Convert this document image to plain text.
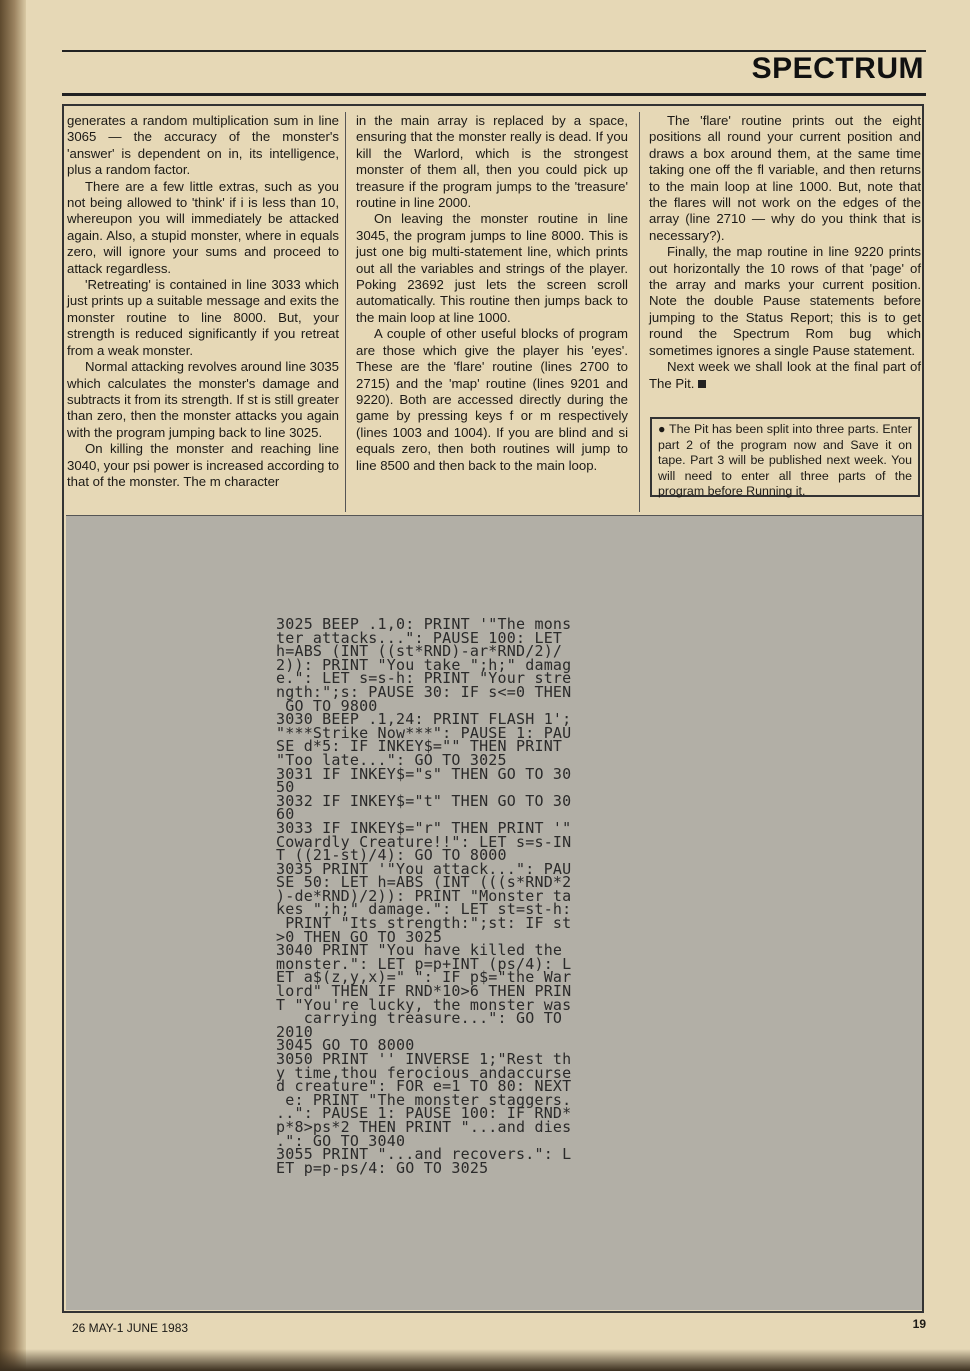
SPECTRUM

generates a random multiplication sum in line 3065 — the accuracy of the monster's 'answer' is dependent on in, its intelligence, plus a random factor.

There are a few little extras, such as you not being allowed to 'think' if i is less than 10, whereupon you will immediately be attacked again. Also, a stupid monster, where in equals zero, will ignore your sums and proceed to attack regardless.

'Retreating' is contained in line 3033 which just prints up a suitable message and exits the monster routine to line 8000. But, your strength is reduced significantly if you retreat from a weak monster.

Normal attacking revolves around line 3035 which calculates the monster's damage and subtracts it from its strength. If st is still greater than zero, then the monster attacks you again with the program jumping back to line 3025.

On killing the monster and reaching line 3040, your psi power is increased according to that of the monster. The m character

in the main array is replaced by a space, ensuring that the monster really is dead. If you kill the Warlord, which is the strongest monster of them all, then you could pick up treasure if the program jumps to the 'treasure' routine in line 2000.

On leaving the monster routine in line 3045, the program jumps to line 8000. This is just one big multi-statement line, which prints out all the variables and strings of the player. Poking 23692 just lets the screen scroll automatically. This routine then jumps back to the main loop at line 1000.

A couple of other useful blocks of program are those which give the player his 'eyes'. These are the 'flare' routine (lines 2700 to 2715) and the 'map' routine (lines 9201 and 9220). Both are accessed directly during the game by pressing keys f or m respectively (lines 1003 and 1004). If you are blind and si equals zero, then both routines will jump to line 8500 and then back to the main loop.

The 'flare' routine prints out the eight positions all round your current position and draws a box around them, at the same time taking one off the fl variable, and then returns to the main loop at line 1000. But, note that the flares will not work on the edges of the array (line 2710 — why do you think that is necessary?).

Finally, the map routine in line 9220 prints out horizontally the 10 rows of that 'page' of the array and marks your current position. Note the double Pause statements before jumping to the Status Report; this is to get round the Spectrum Rom bug which sometimes ignores a single Pause statement.

Next week we shall look at the final part of The Pit.

● The Pit has been split into three parts. Enter part 2 of the program now and Save it on tape. Part 3 will be published next week. You will need to enter all three parts of the program before Running it.
3025 BEEP .1,0: PRINT '"The mons
ter attacks...": PAUSE 100: LET
h=ABS (INT ((st*RND)-ar*RND/2)/
2)): PRINT "You take ";h;" damag
e.": LET s=s-h: PRINT "Your stre
ngth:";s: PAUSE 30: IF s<=0 THEN
GO TO 9800
3030 BEEP .1,24: PRINT FLASH 1';
"***Strike Now***": PAUSE 1: PAU
SE d*5: IF INKEY$="" THEN PRINT
"Too late...": GO TO 3025
3031 IF INKEY$="s" THEN GO TO 30
50
3032 IF INKEY$="t" THEN GO TO 30
60
3033 IF INKEY$="r" THEN PRINT '"
Cowardly Creature!!": LET s=s-IN
T ((21-st)/4): GO TO 8000
3035 PRINT '"You attack...": PAU
SE 50: LET h=ABS (INT (((s*RND*2
)-de*RND)/2)): PRINT "Monster ta
kes ";h;" damage.": LET st=st-h:
PRINT "Its strength:";st: IF st
>0 THEN GO TO 3025
3040 PRINT "You have killed the
monster.": LET p=p+INT (ps/4): L
ET a$(z,y,x)=" ": IF p$="the War
lord" THEN IF RND*10>6 THEN PRIN
T "You're lucky, the monster was
carrying treasure...": GO TO
2010
3045 GO TO 8000
3050 PRINT '' INVERSE 1;"Rest th
y time,thou ferocious andaccurse
d creature": FOR e=1 TO 80: NEXT
e: PRINT "The monster staggers.
..": PAUSE 1: PAUSE 100: IF RND*
p*8>ps*2 THEN PRINT "...and dies
.": GO TO 3040
3055 PRINT "...and recovers.": L
ET p=p-ps/4: GO TO 3025
26 MAY-1 JUNE 1983	19
